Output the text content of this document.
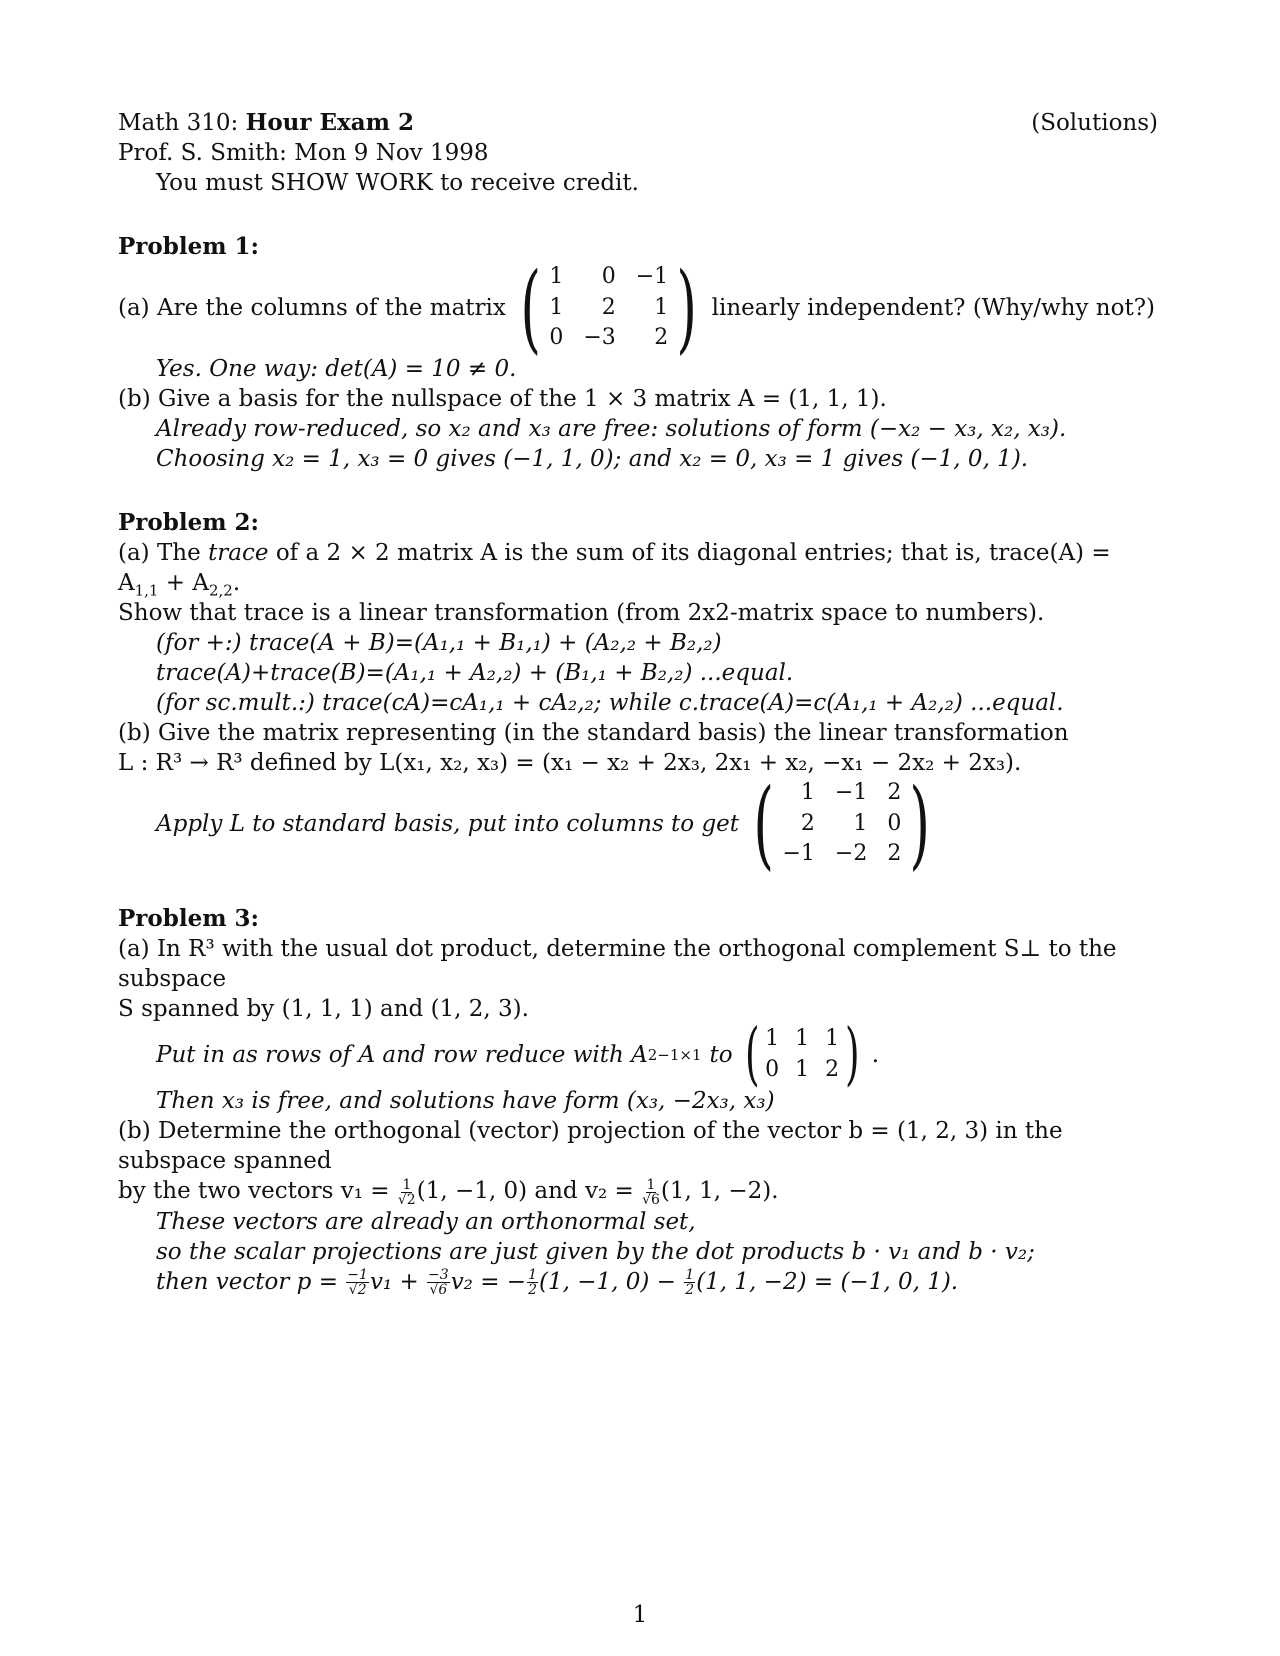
Math 310: Hour Exam 2	(Solutions)
Prof. S. Smith: Mon 9 Nov 1998
You must SHOW WORK to receive credit.
Problem 1:
(a) Are the columns of the matrix ( 1	0 −1
1	2	1
0 −3	2 ) linearly independent? (Why/why not?)
Yes. One way: det(A) = 10 ≠ 0.
(b) Give a basis for the nullspace of the 1 × 3 matrix A = (1, 1, 1).
Already row-reduced, so x₂ and x₃ are free: solutions of form (−x₂ − x₃, x₂, x₃).
Choosing x₂ = 1, x₃ = 0 gives (−1, 1, 0); and x₂ = 0, x₃ = 1 gives (−1, 0, 1).
Problem 2:
(a) The trace of a 2 × 2 matrix A is the sum of its diagonal entries; that is, trace(A) = $A_{1,1} + A_{2,2}$.
Show that trace is a linear transformation (from 2x2-matrix space to numbers).
(for +:) trace(A + B)=(A₁,₁ + B₁,₁) + (A₂,₂ + B₂,₂)
trace(A)+trace(B)=(A₁,₁ + A₂,₂) + (B₁,₁ + B₂,₂) ...equal.
(for sc.mult.:) trace(cA)=cA₁,₁ + cA₂,₂; while c.trace(A)=c(A₁,₁ + A₂,₂) ...equal.
(b) Give the matrix representing (in the standard basis) the linear transformation
L : R³ → R³ defined by L(x₁, x₂, x₃) = (x₁ − x₂ + 2x₃, 2x₁ + x₂, −x₁ − 2x₂ + 2x₃).
Apply L to standard basis, put into columns to get (	1 −1 2
2	1 0
−1 −2 2 )
Problem 3:
(a) In R³ with the usual dot product, determine the orthogonal complement S⊥ to the subspace
S spanned by (1, 1, 1) and (1, 2, 3).
Put in as rows of A and row reduce with A 2 −1×1 to ( 1 1 1
0 1 2 ) .
Then x₃ is free, and solutions have form (x₃, −2x₃, x₃)
(b) Determine the orthogonal (vector) projection of the vector b = (1, 2, 3) in the subspace spanned
by the two vectors $v_1 = \frac{1}{√2} (1$, −1, 0) and $v_2 = \frac{1}{√6} (1$, 1, −2).
These vectors are already an orthonormal set,
so the scalar projections are just given by the dot products b · v₁ and b · v₂;
then vector $p = \frac{-1}{√2} v_1 + \frac{-3}{√6} v_2$ = − $\frac{1}{2} (1$, −1, $0) - \frac{1}{2} (1$, 1, −2) = (−1, 0, 1).
1
